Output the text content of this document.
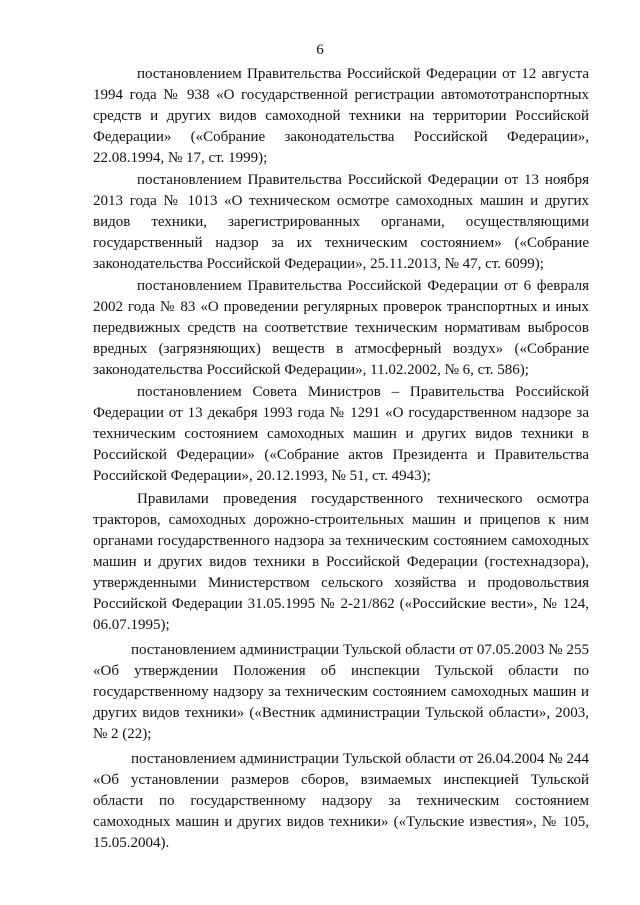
6

постановлением Правительства Российской Федерации от 12 августа 1994 года № 938 «О государственной регистрации автомототранспортных средств и других видов самоходной техники на территории Российской Федерации» («Собрание законодательства Российской Федерации», 22.08.1994, № 17, ст. 1999);

постановлением Правительства Российской Федерации от 13 ноября 2013 года № 1013 «О техническом осмотре самоходных машин и других видов техники, зарегистрированных органами, осуществляющими государственный надзор за их техническим состоянием» («Собрание законодательства Российской Федерации», 25.11.2013, № 47, ст. 6099);

постановлением Правительства Российской Федерации от 6 февраля 2002 года № 83 «О проведении регулярных проверок транспортных и иных передвижных средств на соответствие техническим нормативам выбросов вредных (загрязняющих) веществ в атмосферный воздух» («Собрание законодательства Российской Федерации», 11.02.2002, № 6, ст. 586);

постановлением Совета Министров – Правительства Российской Федерации от 13 декабря 1993 года № 1291 «О государственном надзоре за техническим состоянием самоходных машин и других видов техники в Российской Федерации» («Собрание актов Президента и Правительства Российской Федерации», 20.12.1993, № 51, ст. 4943);

Правилами проведения государственного технического осмотра тракторов, самоходных дорожно-строительных машин и прицепов к ним органами государственного надзора за техническим состоянием самоходных машин и других видов техники в Российской Федерации (гостехнадзора), утвержденными Министерством сельского хозяйства и продовольствия Российской Федерации 31.05.1995 № 2-21/862 («Российские вести», № 124, 06.07.1995);

постановлением администрации Тульской области от 07.05.2003 № 255 «Об утверждении Положения об инспекции Тульской области по государственному надзору за техническим состоянием самоходных машин и других видов техники» («Вестник администрации Тульской области», 2003, № 2 (22);

постановлением администрации Тульской области от 26.04.2004 № 244 «Об установлении размеров сборов, взимаемых инспекцией Тульской области по государственному надзору за техническим состоянием самоходных машин и других видов техники» («Тульские известия», № 105, 15.05.2004).
